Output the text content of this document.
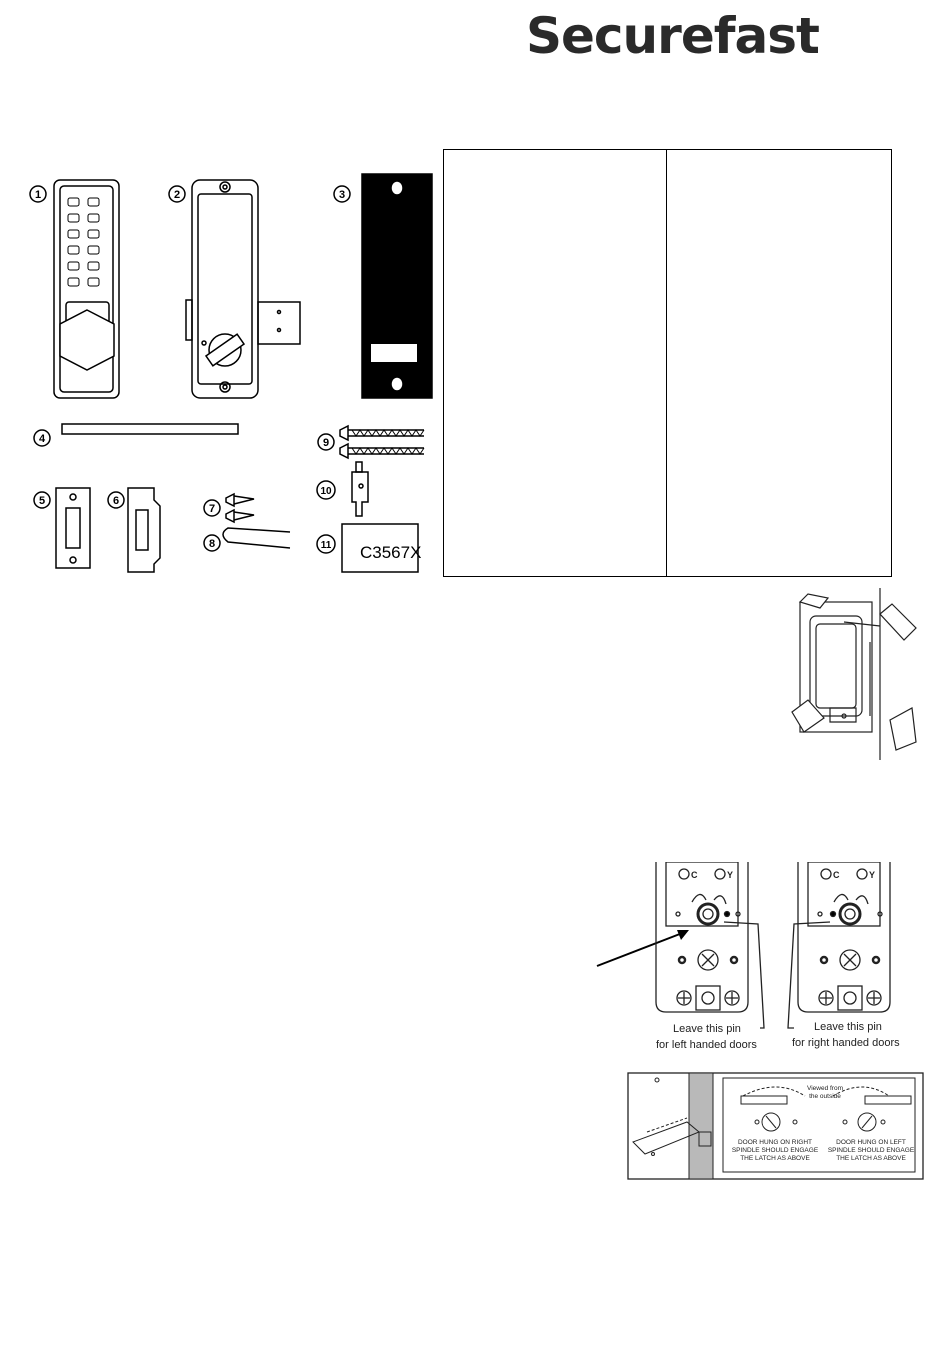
Securefast
C3567X
1	2	3
4
5	6
7
8
9
10
11
C	Y	C	Y
Leave this pin
for left handed doors
Leave this pin
for right handed doors
Viewed from
the outside
DOOR HUNG ON RIGHT
SPINDLE SHOULD ENGAGE
THE LATCH AS ABOVE
DOOR HUNG ON LEFT
SPINDLE SHOULD ENGAGE
THE LATCH AS ABOVE
